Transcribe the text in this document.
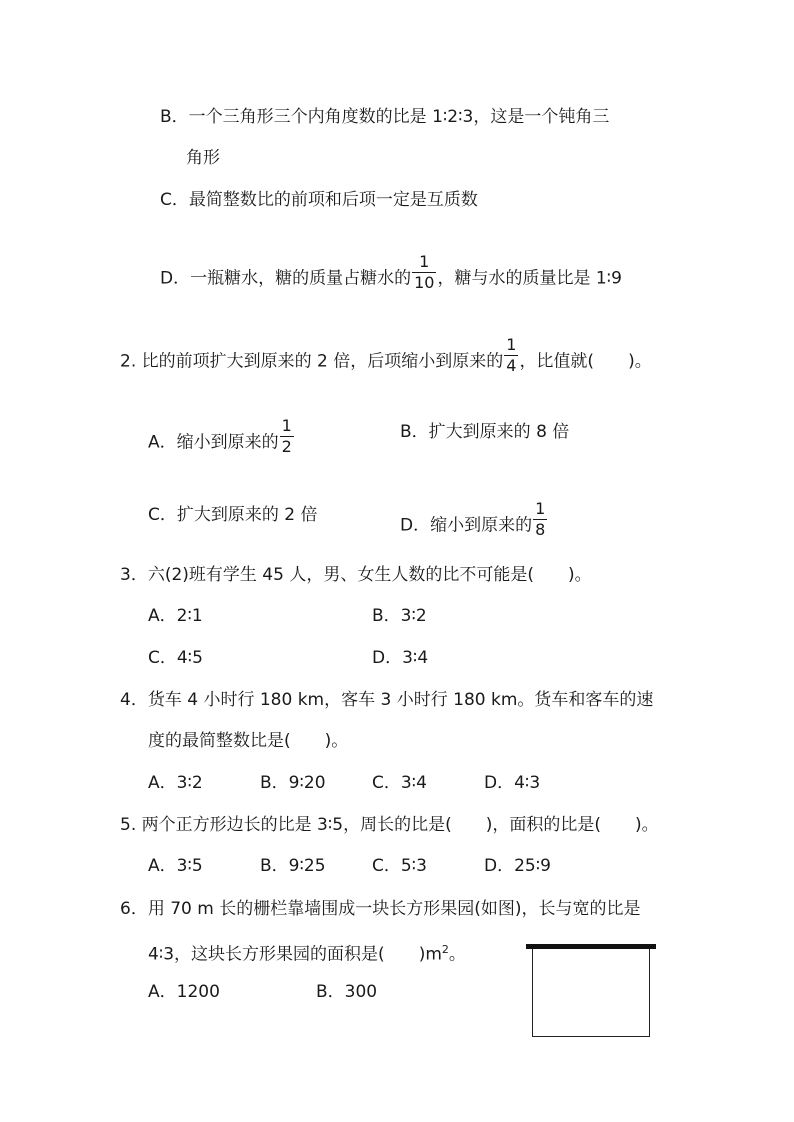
B．一个三角形三个内角度数的比是 1∶2∶3，这是一个钝角三
角形
C．最简整数比的前项和后项一定是互质数
D．一瓶糖水，糖的质量占糖水的 $\frac{1}{10}$ ，糖与水的质量比是 1∶9
2. 比的前项扩大到原来的 2 倍，后项缩小到原来的 $\frac{1}{4}$ ，比值就(　　)。
A．缩小到原来的 $\frac{1}{2}$	B．扩大到原来的 8 倍
C．扩大到原来的 2 倍
D．缩小到原来的 $\frac{1}{8}$
3．六(2)班有学生 45 人，男、女生人数的比不可能是(　　)。
A．2∶1	B．3∶2
C．4∶5	D．3∶4
4．货车 4 小时行 180 km，客车 3 小时行 180 km。货车和客车的速
度的最简整数比是(　　)。
A．3∶2	B．9∶20	C．3∶4	D．4∶3
5. 两个正方形边长的比是 3∶5，周长的比是(　　)，面积的比是(　　)。
A．3∶5	B．9∶25	C．5∶3	D．25∶9
6．用 70 m 长的栅栏靠墙围成一块长方形果园(如图)，长与宽的比是
4∶3，这块长方形果园的面积是(　　)$m^2$。
A．1200	B．300
